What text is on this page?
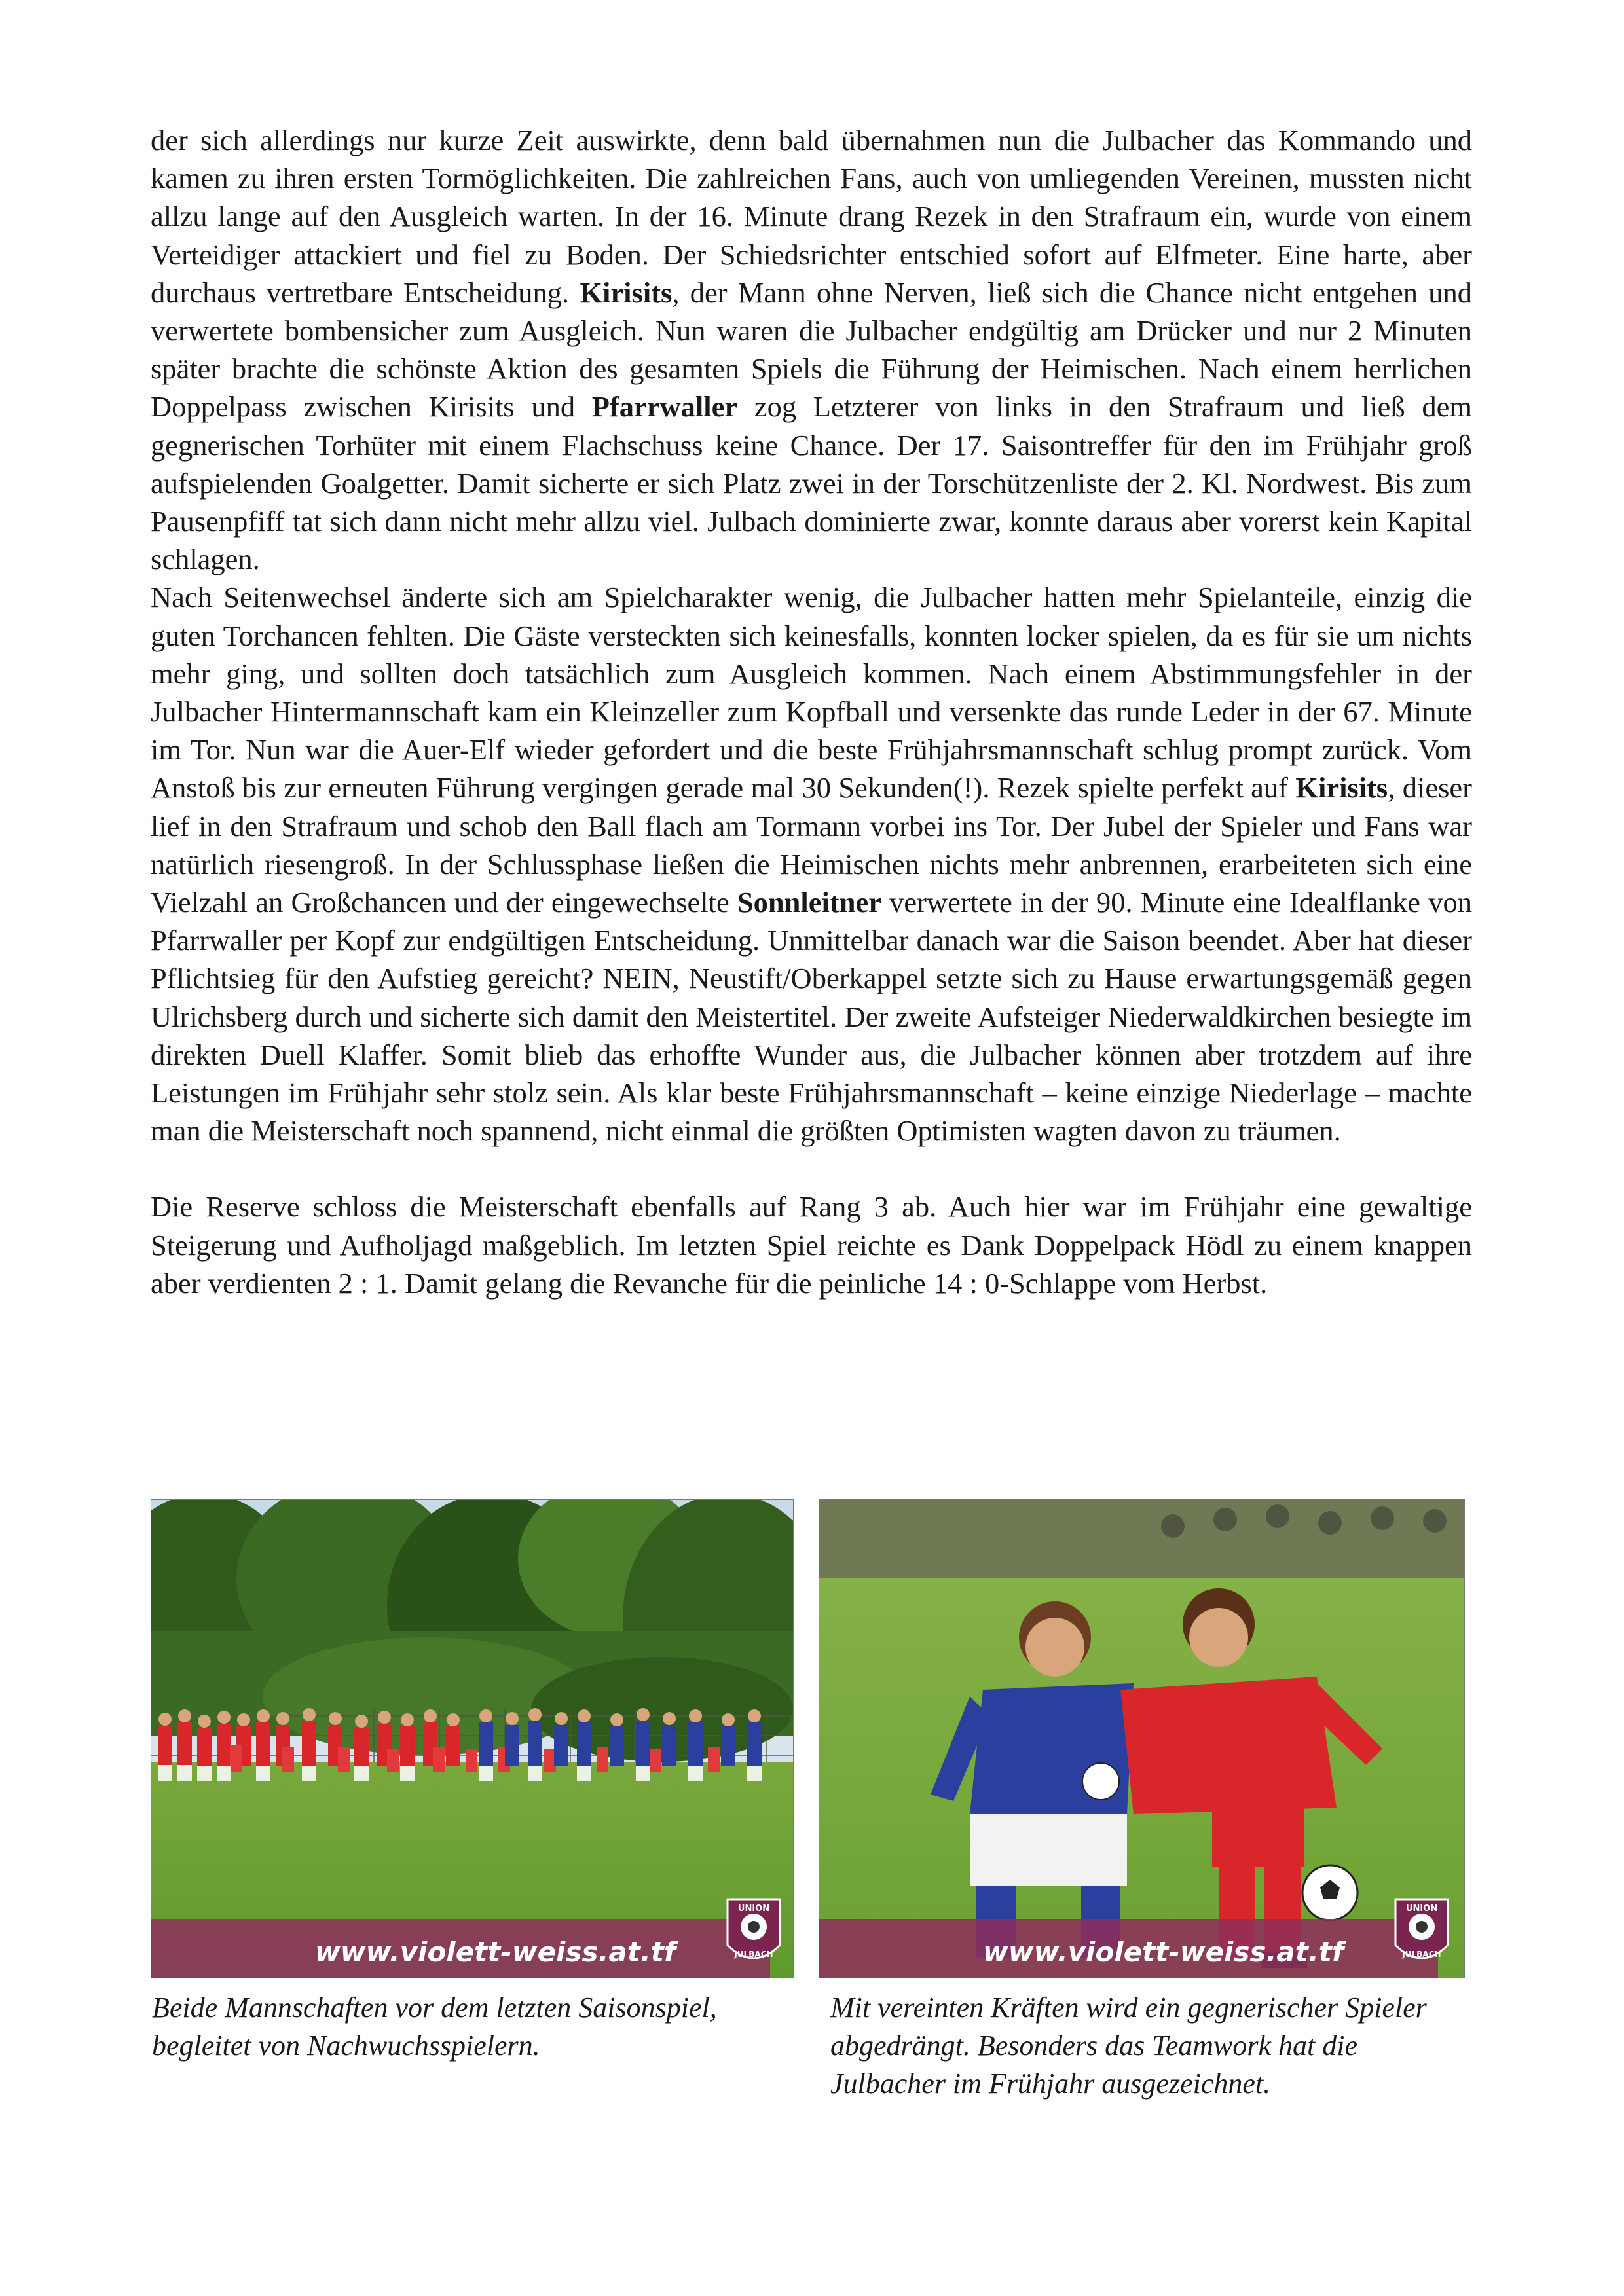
der sich allerdings nur kurze Zeit auswirkte, denn bald übernahmen nun die Julbacher das Kommando und kamen zu ihren ersten Tormöglichkeiten. Die zahlreichen Fans, auch von umliegenden Vereinen, mussten nicht allzu lange auf den Ausgleich warten. In der 16. Minute drang Rezek in den Strafraum ein, wurde von einem Verteidiger attackiert und fiel zu Boden. Der Schiedsrichter entschied sofort auf Elfmeter. Eine harte, aber durchaus vertretbare Entscheidung. Kirisits, der Mann ohne Nerven, ließ sich die Chance nicht entgehen und verwertete bombensicher zum Ausgleich. Nun waren die Julbacher endgültig am Drücker und nur 2 Minuten später brachte die schönste Aktion des gesamten Spiels die Führung der Heimischen. Nach einem herrlichen Doppelpass zwischen Kirisits und Pfarrwaller zog Letzterer von links in den Strafraum und ließ dem gegnerischen Torhüter mit einem Flachschuss keine Chance. Der 17. Saisontreffer für den im Frühjahr groß aufspielenden Goalgetter. Damit sicherte er sich Platz zwei in der Torschützenliste der 2. Kl. Nordwest. Bis zum Pausenpfiff tat sich dann nicht mehr allzu viel. Julbach dominierte zwar, konnte daraus aber vorerst kein Kapital schlagen.

Nach Seitenwechsel änderte sich am Spielcharakter wenig, die Julbacher hatten mehr Spielanteile, einzig die guten Torchancen fehlten. Die Gäste versteckten sich keinesfalls, konnten locker spielen, da es für sie um nichts mehr ging, und sollten doch tatsächlich zum Ausgleich kommen. Nach einem Abstimmungsfehler in der Julbacher Hintermannschaft kam ein Kleinzeller zum Kopfball und versenkte das runde Leder in der 67. Minute im Tor. Nun war die Auer-Elf wieder gefordert und die beste Frühjahrsmannschaft schlug prompt zurück. Vom Anstoß bis zur erneuten Führung vergingen gerade mal 30 Sekunden(!). Rezek spielte perfekt auf Kirisits, dieser lief in den Strafraum und schob den Ball flach am Tormann vorbei ins Tor. Der Jubel der Spieler und Fans war natürlich riesengroß. In der Schlussphase ließen die Heimischen nichts mehr anbrennen, erarbeiteten sich eine Vielzahl an Großchancen und der eingewechselte Sonnleitner verwertete in der 90. Minute eine Idealflanke von Pfarrwaller per Kopf zur endgültigen Entscheidung. Unmittelbar danach war die Saison beendet. Aber hat dieser Pflichtsieg für den Aufstieg gereicht? NEIN, Neustift/Oberkappel setzte sich zu Hause erwartungsgemäß gegen Ulrichsberg durch und sicherte sich damit den Meistertitel. Der zweite Aufsteiger Niederwaldkirchen besiegte im direkten Duell Klaffer. Somit blieb das erhoffte Wunder aus, die Julbacher können aber trotzdem auf ihre Leistungen im Frühjahr sehr stolz sein. Als klar beste Frühjahrsmannschaft – keine einzige Niederlage – machte man die Meisterschaft noch spannend, nicht einmal die größten Optimisten wagten davon zu träumen.

Die Reserve schloss die Meisterschaft ebenfalls auf Rang 3 ab. Auch hier war im Frühjahr eine gewaltige Steigerung und Aufholjagd maßgeblich. Im letzten Spiel reichte es Dank Doppelpack Hödl zu einem knappen aber verdienten 2 : 1. Damit gelang die Revanche für die peinliche 14 : 0-Schlappe vom Herbst.

www.violett-weiss.at.tf
UNION
JULBACH	www.violett-weiss.at.tf
UNION
JULBACH
Beide Mannschaften vor dem letzten Saisonspiel, begleitet von Nachwuchsspielern.
Mit vereinten Kräften wird ein gegnerischer Spieler abgedrängt. Besonders das Teamwork hat die Julbacher im Frühjahr ausgezeichnet.
